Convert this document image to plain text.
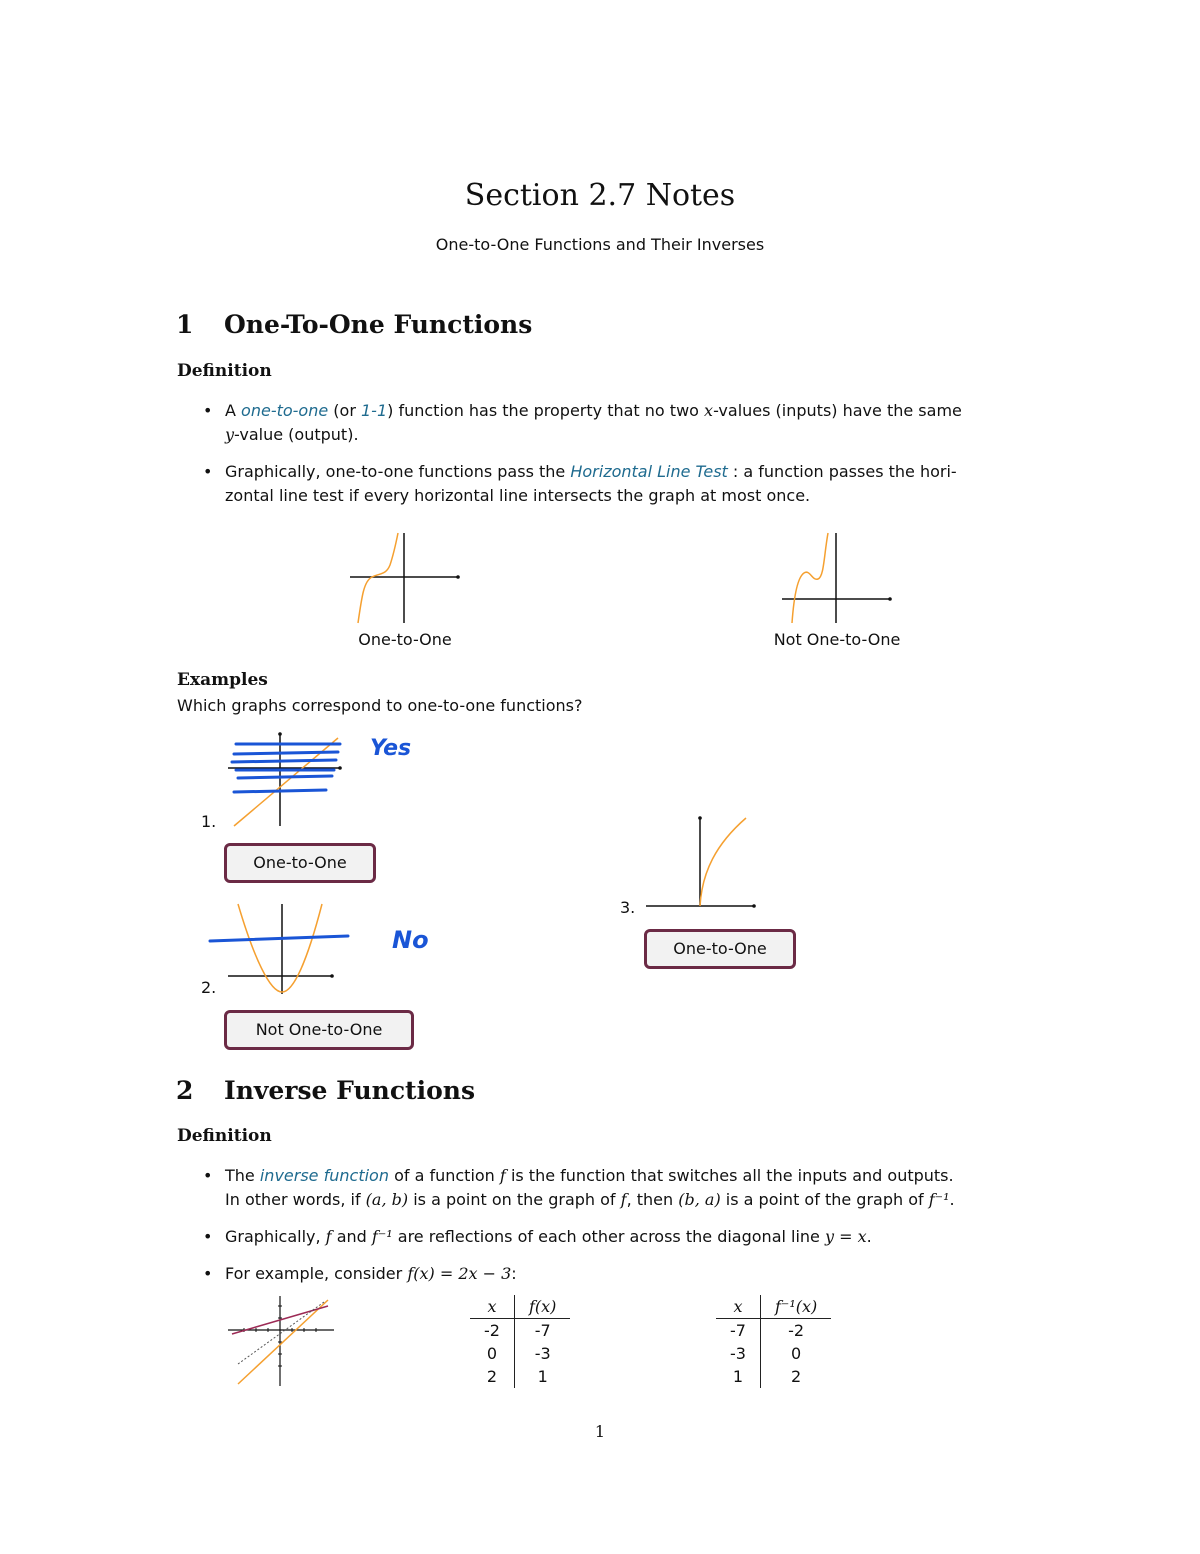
Section 2.7 Notes
One-to-One Functions and Their Inverses
1 One-To-One Functions
Definition
• A one-to-one (or 1-1) function has the property that no two x-values (inputs) have the same
y-value (output).
• Graphically, one-to-one functions pass the Horizontal Line Test : a function passes the hori-
zontal line test if every horizontal line intersects the graph at most once.
One-to-One	Not One-to-One
Examples
Which graphs correspond to one-to-one functions?
1.
Yes
One-to-One
2.
No
Not One-to-One
3.
One-to-One
2 Inverse Functions
Definition
• The inverse function of a function f is the function that switches all the inputs and outputs.
In other words, if (a, b) is a point on the graph of f, then (b, a) is a point of the graph of f⁻¹.
• Graphically, f and f⁻¹ are reflections of each other across the diagonal line y = x.
• For example, consider f(x) = 2x − 3:
x	f(x)
-2	-7
0	-3
2	1
x	f⁻¹(x)
-7	-2
-3	0
1	2
1
